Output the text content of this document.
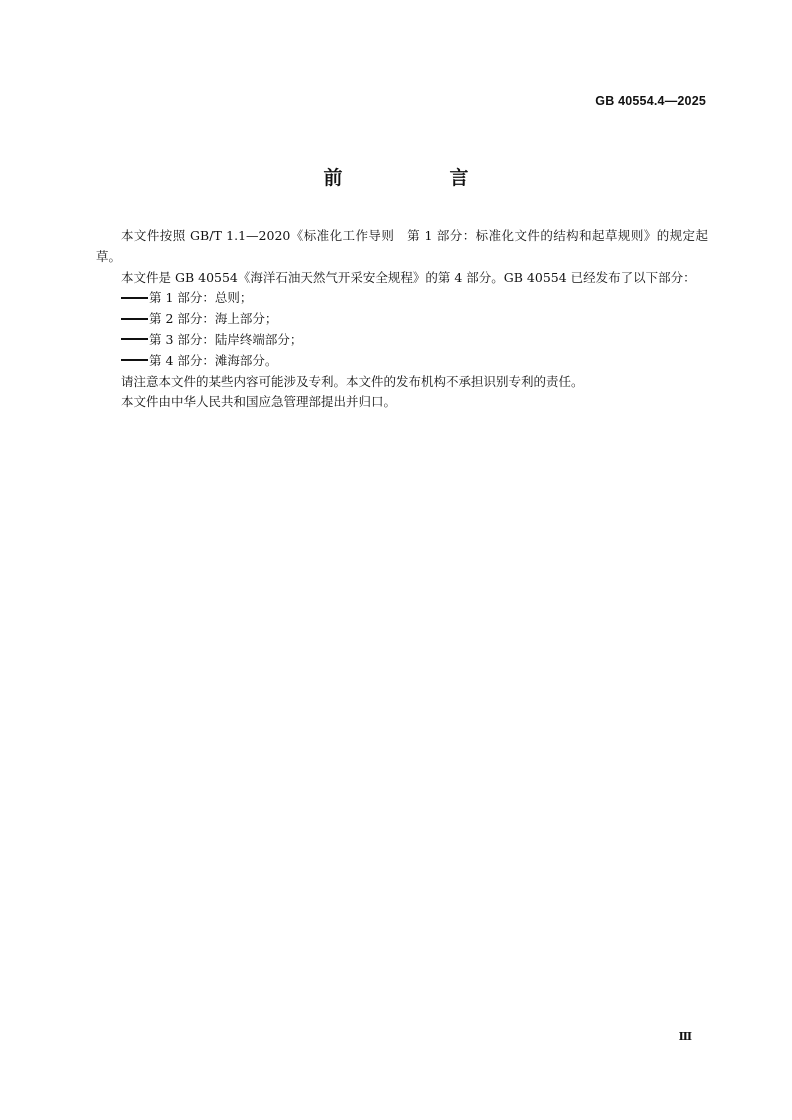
GB 40554.4—2025
前　言

本文件按照 GB/T 1.1—2020《标准化工作导则　第 1 部分：标准化文件的结构和起草规则》的规定起草。

本文件是 GB 40554《海洋石油天然气开采安全规程》的第 4 部分。GB 40554 已经发布了以下部分：

第 1 部分：总则；
第 2 部分：海上部分；
第 3 部分：陆岸终端部分；
第 4 部分：滩海部分。

请注意本文件的某些内容可能涉及专利。本文件的发布机构不承担识别专利的责任。

本文件由中华人民共和国应急管理部提出并归口。

Ⅲ
